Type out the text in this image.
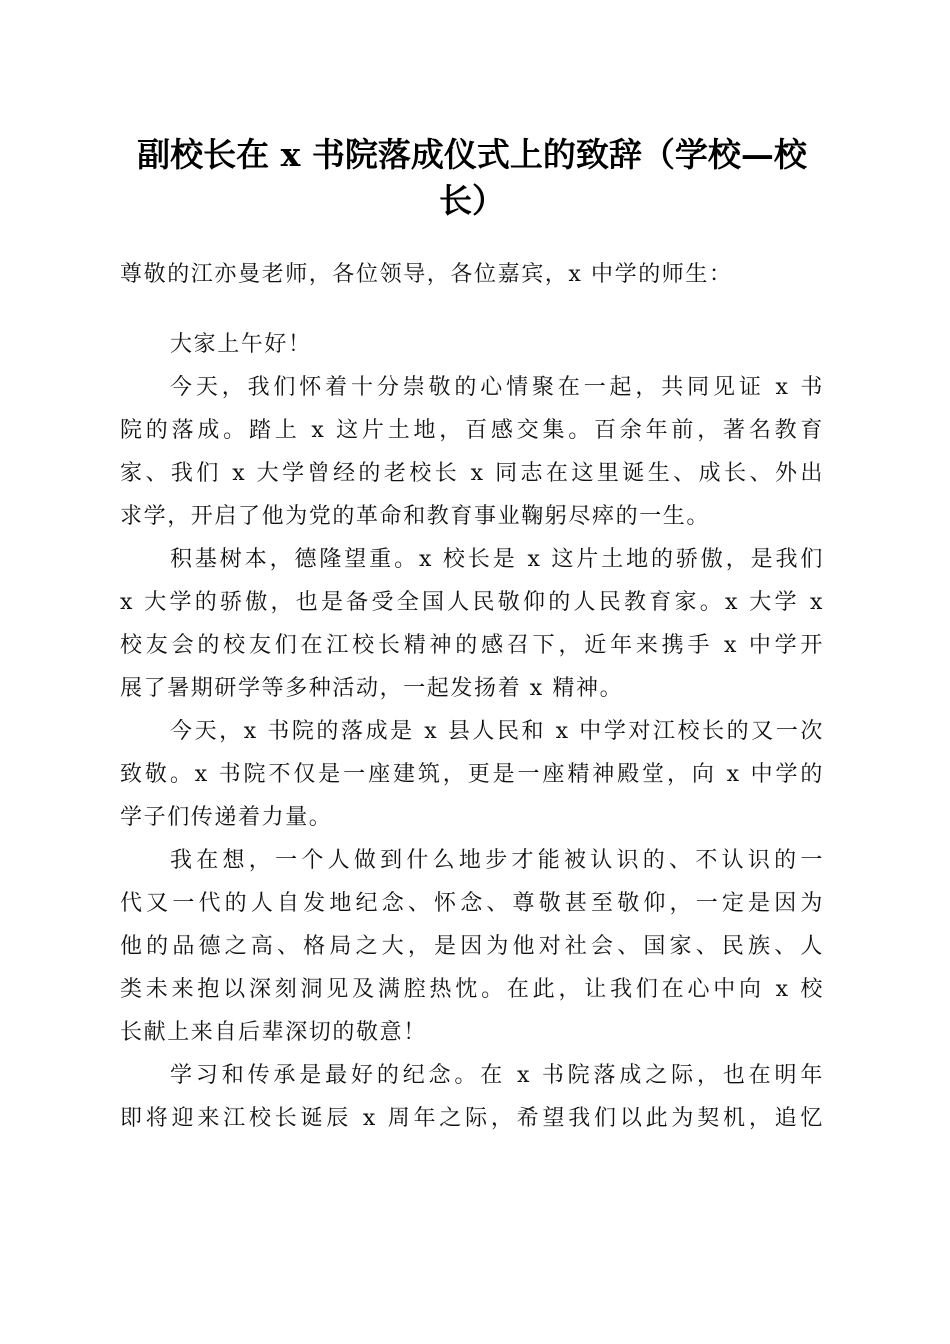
副校长在 x 书院落成仪式上的致辞（学校—校
长）

尊敬的江亦曼老师，各位领导，各位嘉宾，x 中学的师生：

大家上午好！

今天，我们怀着十分崇敬的心情聚在一起，共同见证 x 书
院的落成。踏上 x 这片土地，百感交集。百余年前，著名教育
家、我们 x 大学曾经的老校长 x 同志在这里诞生、成长、外出
求学，开启了他为党的革命和教育事业鞠躬尽瘁的一生。

积基树本，德隆望重。x 校长是 x 这片土地的骄傲，是我们
x 大学的骄傲，也是备受全国人民敬仰的人民教育家。x 大学 x
校友会的校友们在江校长精神的感召下，近年来携手 x 中学开
展了暑期研学等多种活动，一起发扬着 x 精神。

今天，x 书院的落成是 x 县人民和 x 中学对江校长的又一次
致敬。x 书院不仅是一座建筑，更是一座精神殿堂，向 x 中学的
学子们传递着力量。

我在想，一个人做到什么地步才能被认识的、不认识的一
代又一代的人自发地纪念、怀念、尊敬甚至敬仰，一定是因为
他的品德之高、格局之大，是因为他对社会、国家、民族、人
类未来抱以深刻洞见及满腔热忱。在此，让我们在心中向 x 校
长献上来自后辈深切的敬意！

学习和传承是最好的纪念。在 x 书院落成之际，也在明年
即将迎来江校长诞辰 x 周年之际，希望我们以此为契机，追忆
